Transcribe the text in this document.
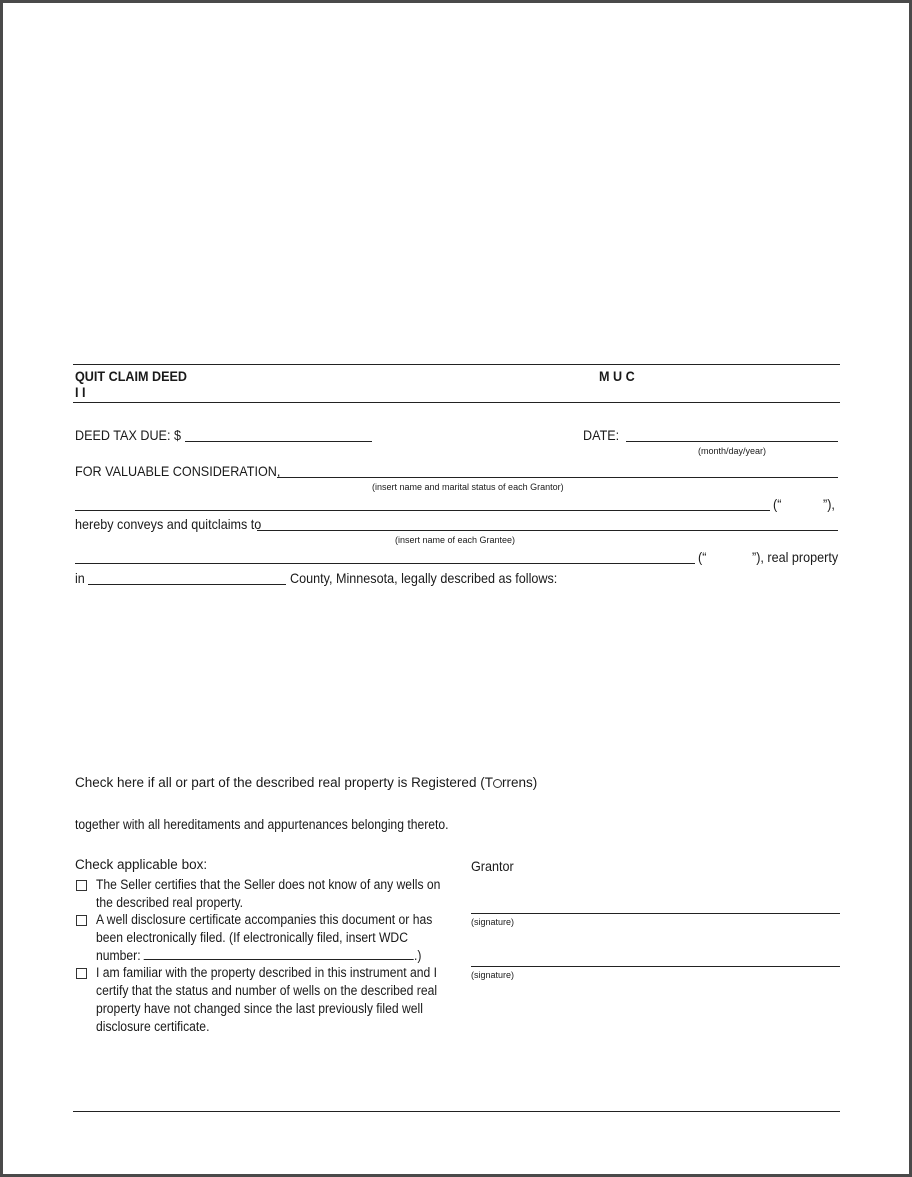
QUIT CLAIM DEED
I I
M U C
DEED TAX DUE: $	DATE:
(month/day/year)
FOR VALUABLE CONSIDERATION,
(insert name and marital status of each Grantor)
(“	”),
hereby conveys and quitclaims to
(insert name of each Grantee)
(“	”), real property
in	County, Minnesota, legally described as follows:
Check here if all or part of the described real property is Registered (T rrens)
together with all hereditaments and appurtenances belonging thereto.
Check applicable box:
The Seller certifies that the Seller does not know of any wells on the described real property.
A well disclosure certificate accompanies this document or has been electronically filed. (If electronically filed, insert WDC number:	.)
I am familiar with the property described in this instrument and I certify that the status and number of wells on the described real property have not changed since the last previously filed well disclosure certificate.
Grantor
(signature)
(signature)
